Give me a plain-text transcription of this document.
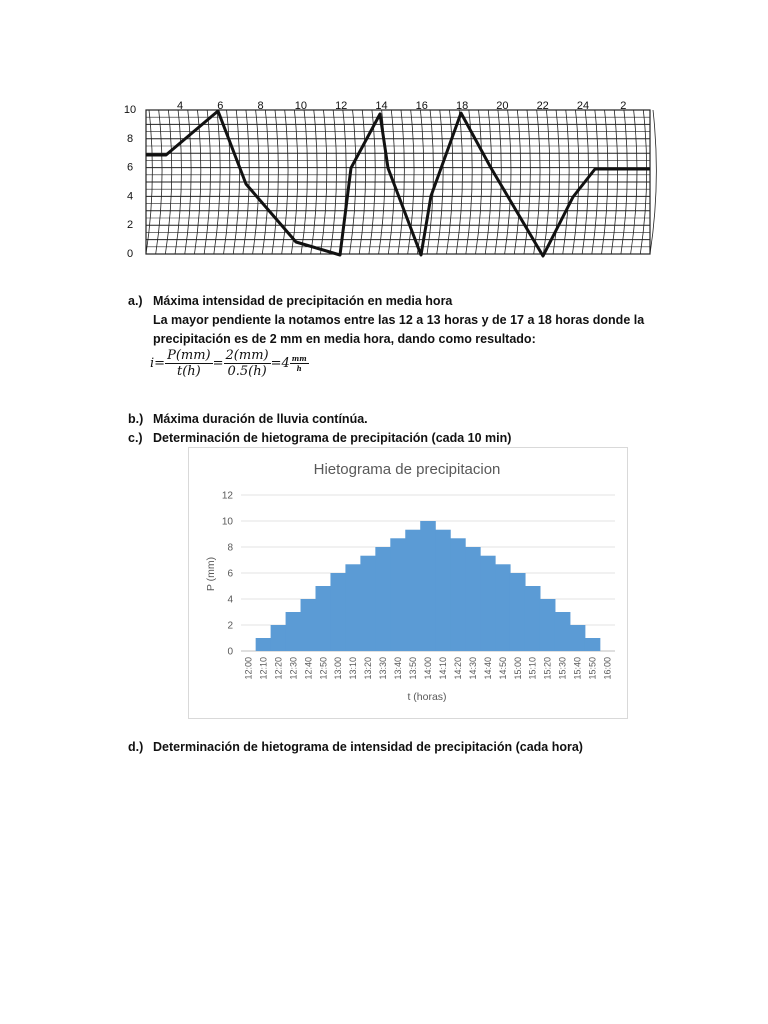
10
8
6
4
2
0
4	6	8	10	12	14	16	18	20	22	24	2
a.) Máxima intensidad de precipitación en media hora
La mayor pendiente la notamos entre las 12 a 13 horas y de 17 a 18 horas donde la
precipitación es de 2 mm en media hora, dando como resultado:
$i= \frac{P(mm)}{t(h)} = \frac{2(mm)}{0.5(h)} =4 \frac{mm}{h}$
b.) Máxima duración de lluvia contínúa.
c.) Determinación de hietograma de precipitación (cada 10 min)
Hietograma de precipitacion
0
2
4
6
8
10
12
12:00 12:10 12:20 12:30 12:40 12:50 13:00 13:10 13:20 13:30 13:40 13:50 14:00 14:10 14:20 14:30 14:40 14:50 15:00 15:10 15:20 15:30 15:40 15:50 16:00
t (horas)
P (mm)
d.) Determinación de hietograma de intensidad de precipitación (cada hora)
